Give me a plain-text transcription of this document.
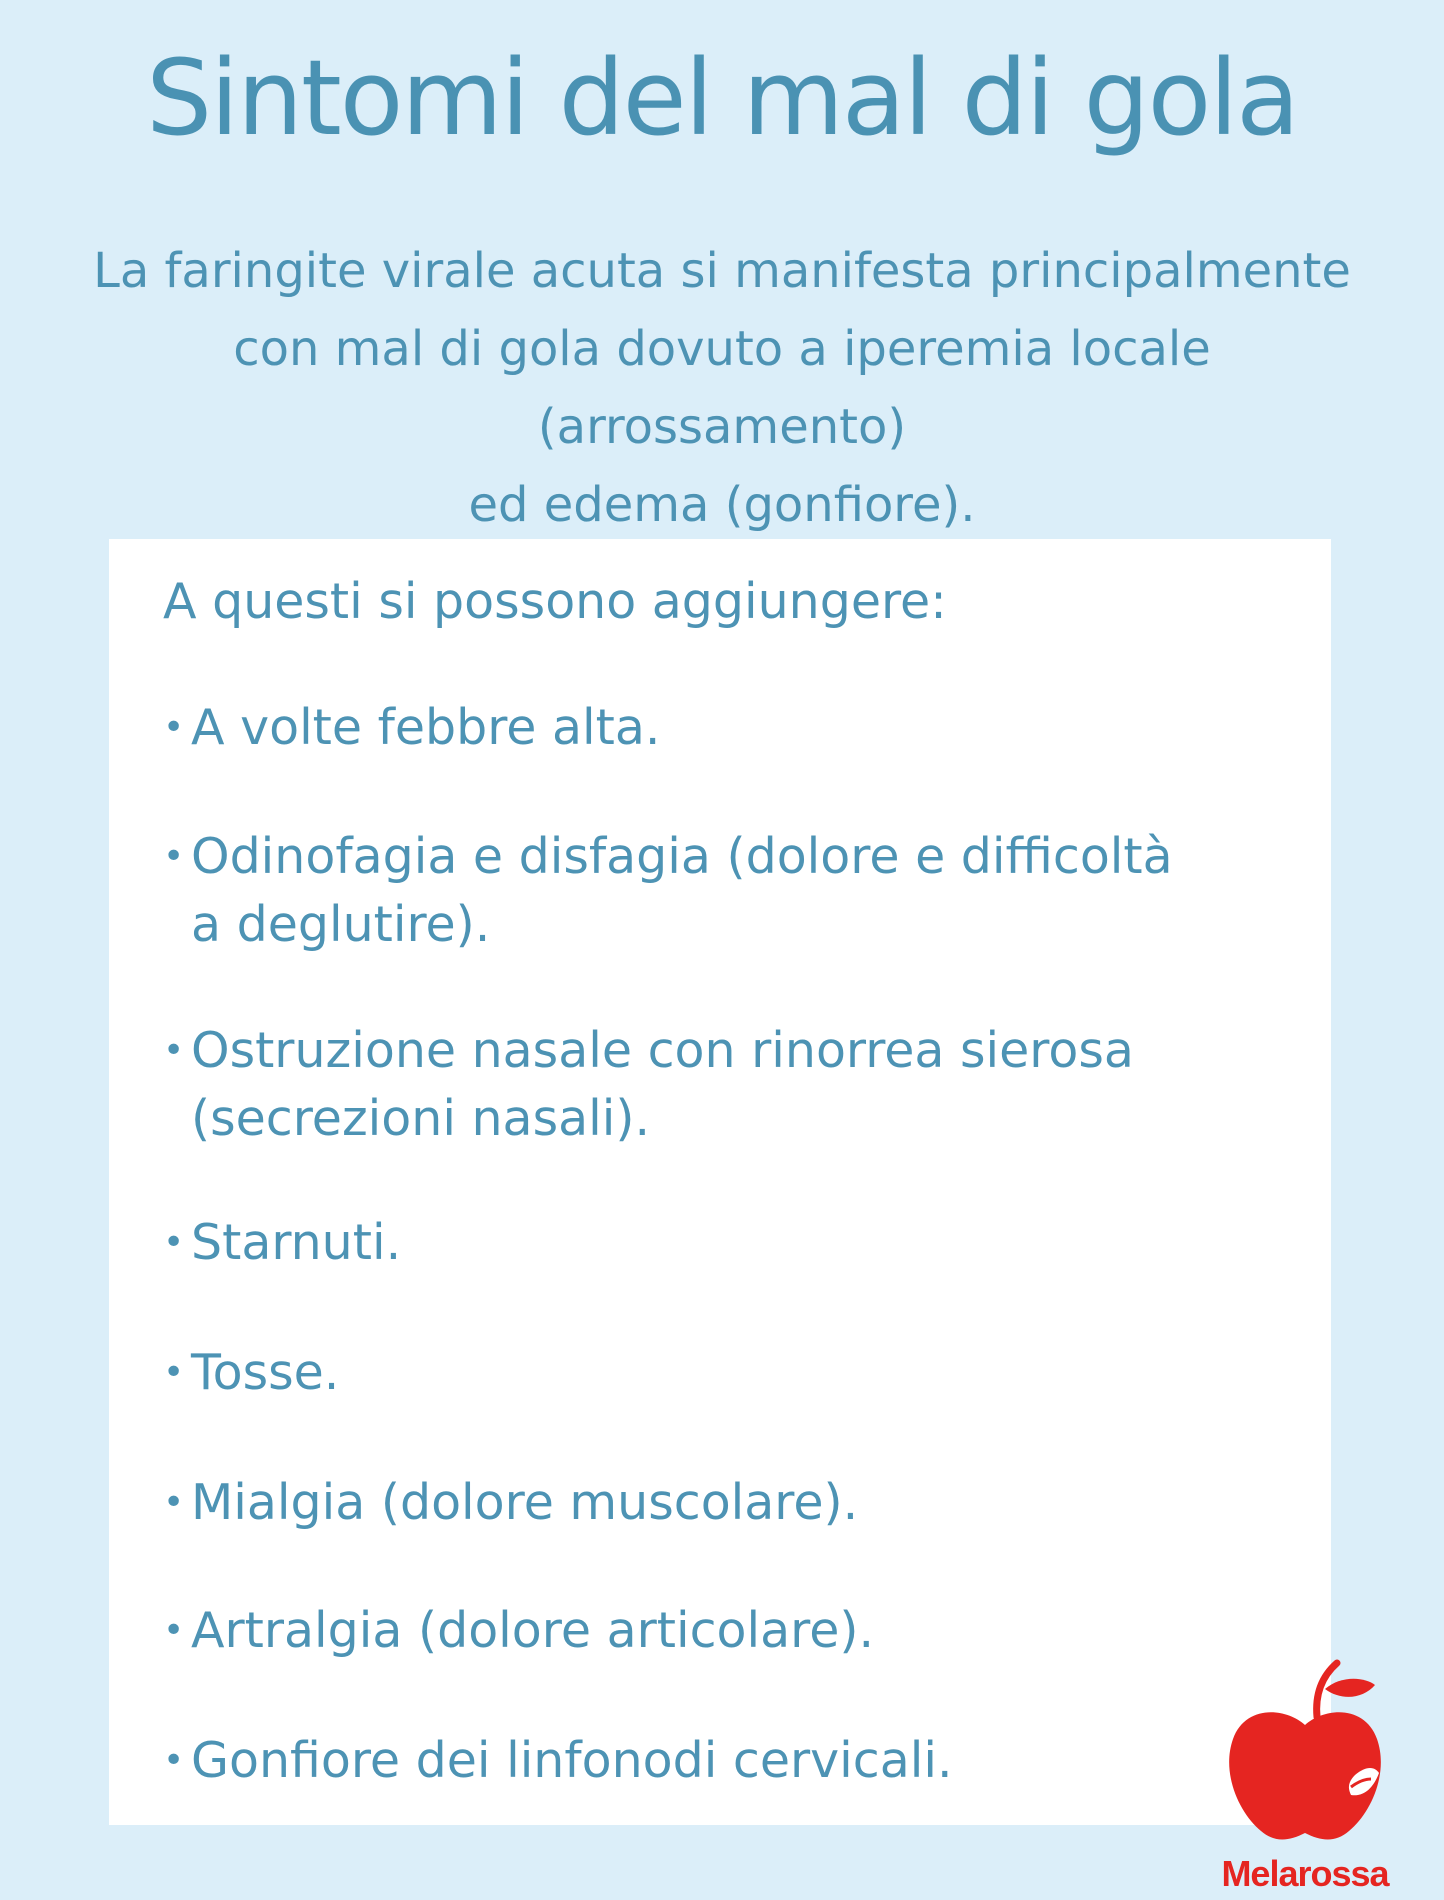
Sintomi del mal di gola

La faringite virale acuta si manifesta principalmente
con mal di gola dovuto a iperemia locale (arrossamento)
ed edema (gonfiore).

A questi si possono aggiungere:

• A volte febbre alta.
• Odinofagia e disfagia (dolore e difficoltà
a deglutire).
• Ostruzione nasale con rinorrea sierosa
(secrezioni nasali).
• Starnuti.
• Tosse.
• Mialgia (dolore muscolare).
• Artralgia (dolore articolare).
• Gonfiore dei linfonodi cervicali.
Melarossa
